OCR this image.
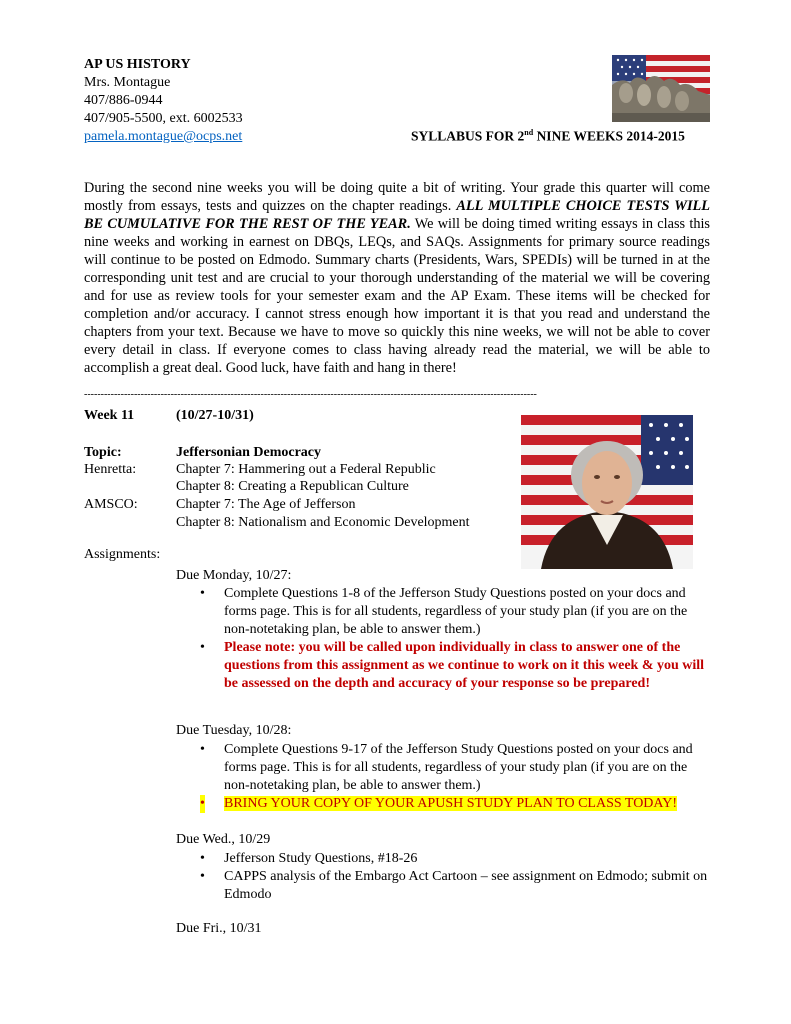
AP US HISTORY
Mrs. Montague
407/886-0944
407/905-5500, ext. 6002533
pamela.montague@ocps.net	SYLLABUS FOR 2nd NINE WEEKS 2014-2015
During the second nine weeks you will be doing quite a bit of writing. Your grade this quarter will come mostly from essays, tests and quizzes on the chapter readings. ALL MULTIPLE CHOICE TESTS WILL BE CUMULATIVE FOR THE REST OF THE YEAR. We will be doing timed writing essays in class this nine weeks and working in earnest on DBQs, LEQs, and SAQs. Assignments for primary source readings will continue to be posted on Edmodo. Summary charts (Presidents, Wars, SPEDIs) will be turned in at the corresponding unit test and are crucial to your thorough understanding of the material we will be covering and for use as review tools for your semester exam and the AP Exam. These items will be checked for completion and/or accuracy. I cannot stress enough how important it is that you read and understand the chapters from your text. Because we have to move so quickly this nine weeks, we will not be able to cover every detail in class. If everyone comes to class having already read the material, we will be able to accomplish a great deal. Good luck, have faith and hang in there!
----------------------------------------------------------------------------------------------------------------------------------------
Week 11	(10/27-10/31)
Topic:	Jeffersonian Democracy
Henretta:	Chapter 7: Hammering out a Federal Republic
Chapter 8: Creating a Republican Culture
AMSCO:	Chapter 7: The Age of Jefferson
Chapter 8: Nationalism and Economic Development
Assignments:
Due Monday, 10/27:
• Complete Questions 1-8 of the Jefferson Study Questions posted on your docs and forms page. This is for all students, regardless of your study plan (if you are on the non-notetaking plan, be able to answer them.)
• Please note: you will be called upon individually in class to answer one of the questions from this assignment as we continue to work on it this week & you will be assessed on the depth and accuracy of your response so be prepared!
Due Tuesday, 10/28:
• Complete Questions 9-17 of the Jefferson Study Questions posted on your docs and forms page. This is for all students, regardless of your study plan (if you are on the non-notetaking plan, be able to answer them.)
• BRING YOUR COPY OF YOUR APUSH STUDY PLAN TO CLASS TODAY!
Due Wed., 10/29
• Jefferson Study Questions, #18-26
• CAPPS analysis of the Embargo Act Cartoon – see assignment on Edmodo; submit on Edmodo
Due Fri., 10/31
